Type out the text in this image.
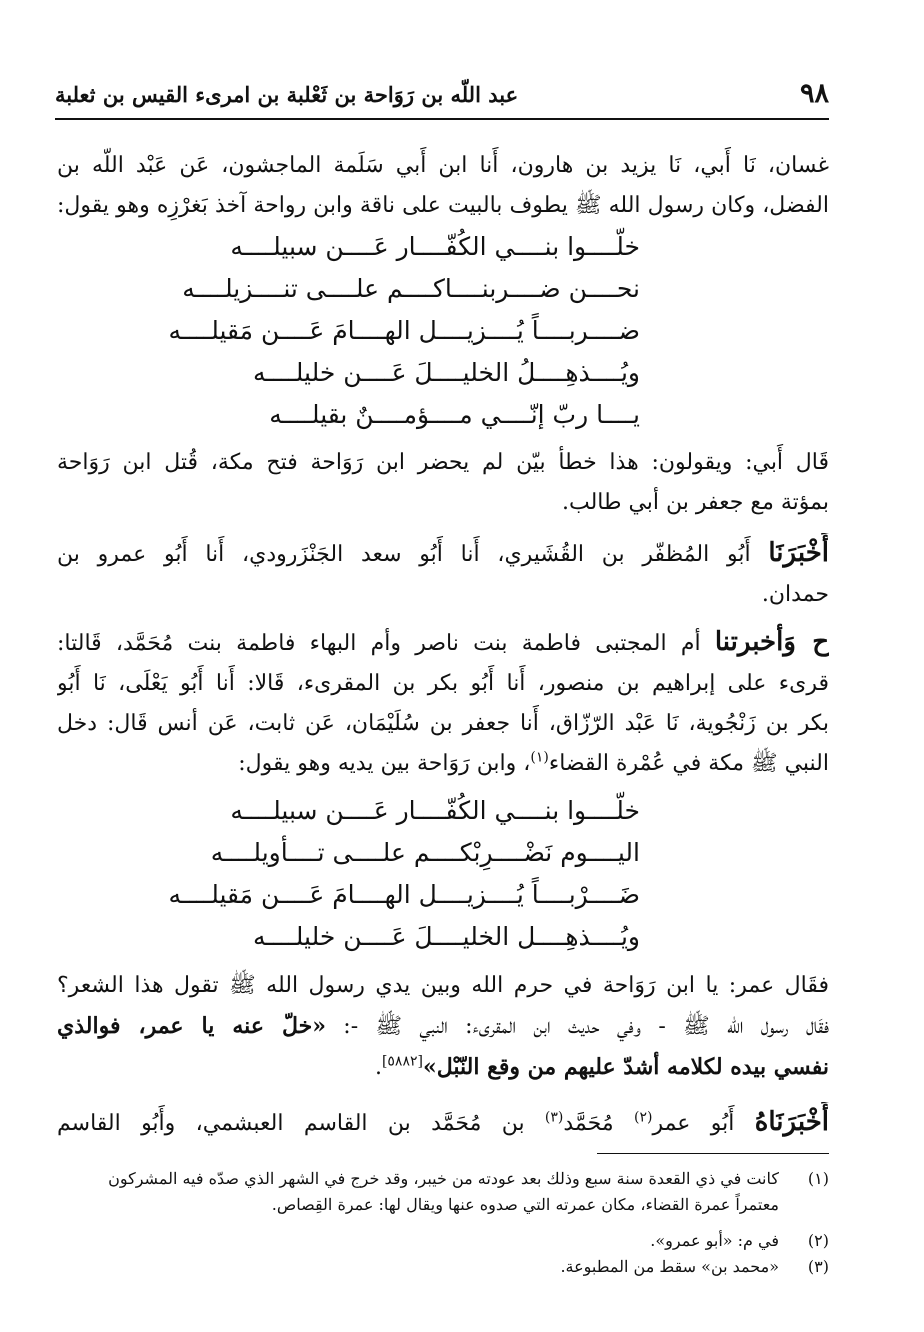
٩٨
عبد اللّه بن رَوَاحة بن ثَعْلبة بن امرىء القيس بن ثعلبة
غسان، نَا أَبي، نَا يزيد بن هارون، أَنا ابن أَبي سَلَمة الماجشون، عَن عَبْد اللّه بن
الفضل، وكان رسول الله ﷺ يطوف بالبيت على ناقة وابن رواحة آخذ بَغرْزِه وهو يقول:
خلّــــوا بنــــي الكُفّــــار عَــــن سبيلــــه
نحــــن ضــــربنــــاكــــم علــــى تنــــزيلــــه
ضــــربــــاً يُــــزيــــل الهــــامَ عَــــن مَقيلــــه
ويُــــذهِــــلُ الخليــــلَ عَــــن خليلــــه
يــــا ربّ إنّــــي مــــؤمــــنٌ بقيلــــه
قَال أَبي: ويقولون: هذا خطأ بيّن لم يحضر ابن رَوَاحة فتح مكة، قُتل ابن رَوَاحة
بمؤتة مع جعفر بن أبي طالب.
أَخْبَرَنَا أَبُو المُظفّر بن القُشَيري، أَنا أَبُو سعد الجَنْزَرودي، أَنا أَبُو عمرو بن
حمدان.
ح وَأخبرتنا أم المجتبى فاطمة بنت ناصر وأم البهاء فاطمة بنت مُحَمَّد، قَالتا:
قرىء على إبراهيم بن منصور، أَنا أَبُو بكر بن المقرىء، قَالا: أَنا أَبُو يَعْلَى، نَا أَبُو
بكر بن زَنْجُوية، نَا عَبْد الرّزّاق، أَنا جعفر بن سُلَيْمَان، عَن ثابت، عَن أنس قَال: دخل
النبي ﷺ مكة في عُمْرة القضاء$^{(١)}$، وابن رَوَاحة بين يديه وهو يقول:
خلّــــوا بنــــي الكُفّــــار عَــــن سبيلــــه
اليــــوم نَضْــــرِبْكــــم علــــى تــــأويلــــه
ضَــــرْبــــاً يُــــزيــــل الهــــامَ عَــــن مَقيلــــه
ويُــــذهِــــل الخليــــلَ عَــــن خليلــــه
فقَال عمر: يا ابن رَوَاحة في حرم الله وبين يدي رسول الله ﷺ تقول هذا الشعر؟
فقَال رسول الله ﷺ - وفي حديث ابن المقرىء: النبي ﷺ -: «خلّ عنه يا عمر، فوالذي
نفسي بيده لكلامه أشدّ عليهم من وقع النّبْل»[٥٨٨٢].
أَخْبَرَنَاهُ أَبُو عمر$^{(٢)}$ مُحَمَّد$^{(٣)}$ بن مُحَمَّد بن القاسم العبشمي، وأَبُو القاسم
(١)كانت في ذي القعدة سنة سبع وذلك بعد عودته من خيبر، وقد خرج في الشهر الذي صدّه فيه المشركون
معتمراً عمرة القضاء، مكان عمرته التي صدوه عنها ويقال لها: عمرة القِصاص.
(٢)في م: «أبو عمرو».
(٣)«محمد بن» سقط من المطبوعة.
